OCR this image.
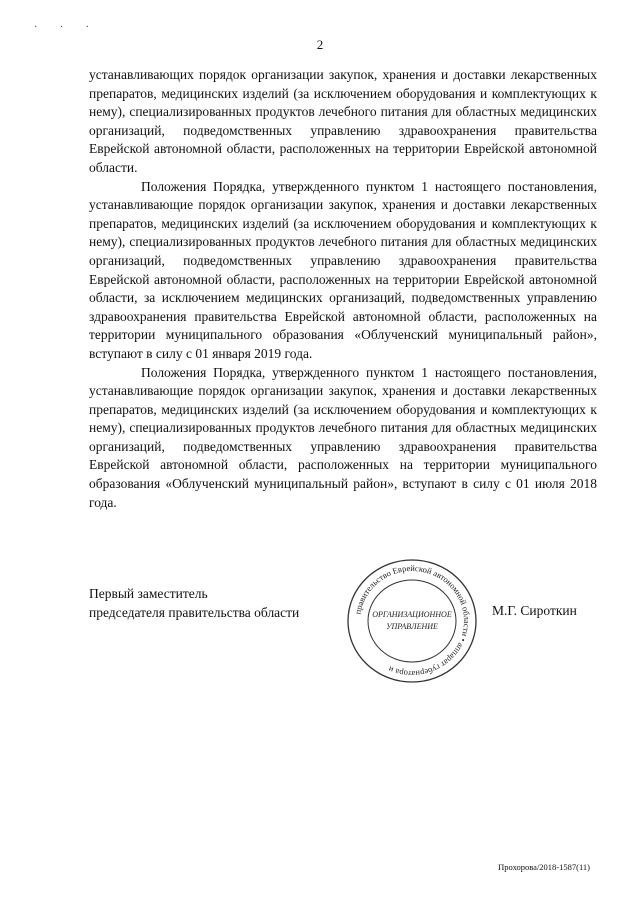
· · ·
2

устанавливающих порядок организации закупок, хранения и доставки лекарственных препаратов, медицинских изделий (за исключением оборудования и комплектующих к нему), специализированных продуктов лечебного питания для областных медицинских организаций, подведомственных управлению здравоохранения правительства Еврейской автономной области, расположенных на территории Еврейской автономной области.

Положения Порядка, утвержденного пунктом 1 настоящего постановления, устанавливающие порядок организации закупок, хранения и доставки лекарственных препаратов, медицинских изделий (за исключением оборудования и комплектующих к нему), специализированных продуктов лечебного питания для областных медицинских организаций, подведомственных управлению здравоохранения правительства Еврейской автономной области, расположенных на территории Еврейской автономной области, за исключением медицинских организаций, подведомственных управлению здравоохранения правительства Еврейской автономной области, расположенных на территории муниципального образования «Облученский муниципальный район», вступают в силу с 01 января 2019 года.

Положения Порядка, утвержденного пунктом 1 настоящего постановления, устанавливающие порядок организации закупок, хранения и доставки лекарственных препаратов, медицинских изделий (за исключением оборудования и комплектующих к нему), специализированных продуктов лечебного питания для областных медицинских организаций, подведомственных управлению здравоохранения правительства Еврейской автономной области, расположенных на территории муниципального образования «Облученский муниципальный район», вступают в силу с 01 июля 2018 года.

Первый заместитель
председателя правительства области	правительство Еврейской автономной области • аппарат губернатора и
ОРГАНИЗАЦИОННОЕ
УПРАВЛЕНИЕ
М.Г. Сироткин
Прохорова/2018-1587(11)
